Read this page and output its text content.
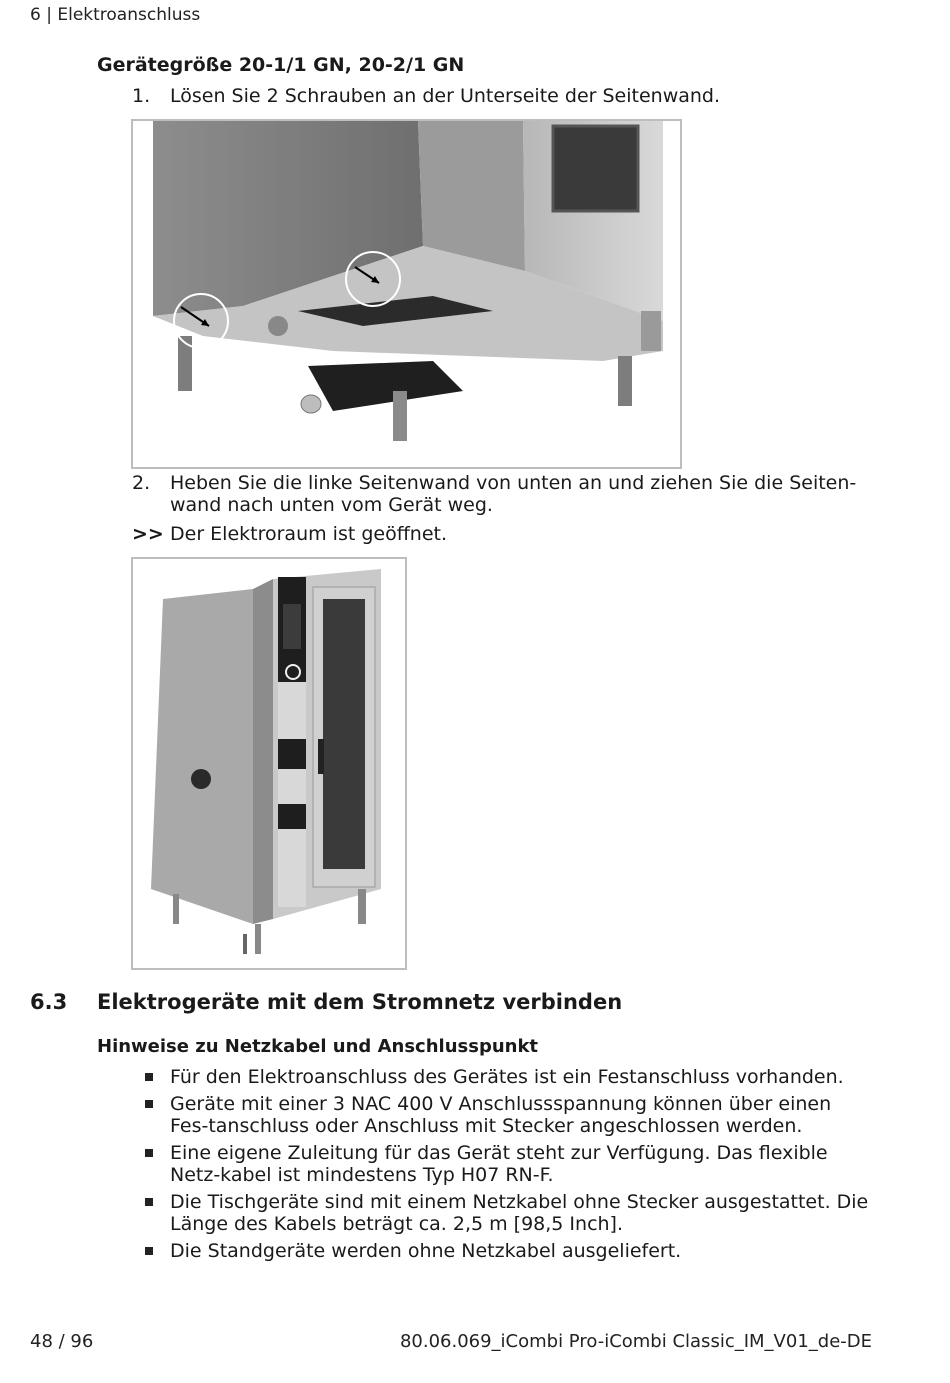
6 | Elektroanschluss
Gerätegröße 20-1/1 GN, 20-2/1 GN
1. Lösen Sie 2 Schrauben an der Unterseite der Seitenwand.
2. Heben Sie die linke Seitenwand von unten an und ziehen Sie die Seiten-wand nach unten vom Gerät weg.
>> Der Elektroraum ist geöffnet.
6.3 Elektrogeräte mit dem Stromnetz verbinden
Hinweise zu Netzkabel und Anschlusspunkt
Für den Elektroanschluss des Gerätes ist ein Festanschluss vorhanden.
Geräte mit einer 3 NAC 400 V Anschlussspannung können über einen Fes-tanschluss oder Anschluss mit Stecker angeschlossen werden.
Eine eigene Zuleitung für das Gerät steht zur Verfügung. Das flexible Netz-kabel ist mindestens Typ H07 RN-F.
Die Tischgeräte sind mit einem Netzkabel ohne Stecker ausgestattet. Die Länge des Kabels beträgt ca. 2,5 m [98,5 Inch].
Die Standgeräte werden ohne Netzkabel ausgeliefert.
48 / 96	80.06.069_iCombi Pro-iCombi Classic_IM_V01_de-DE
